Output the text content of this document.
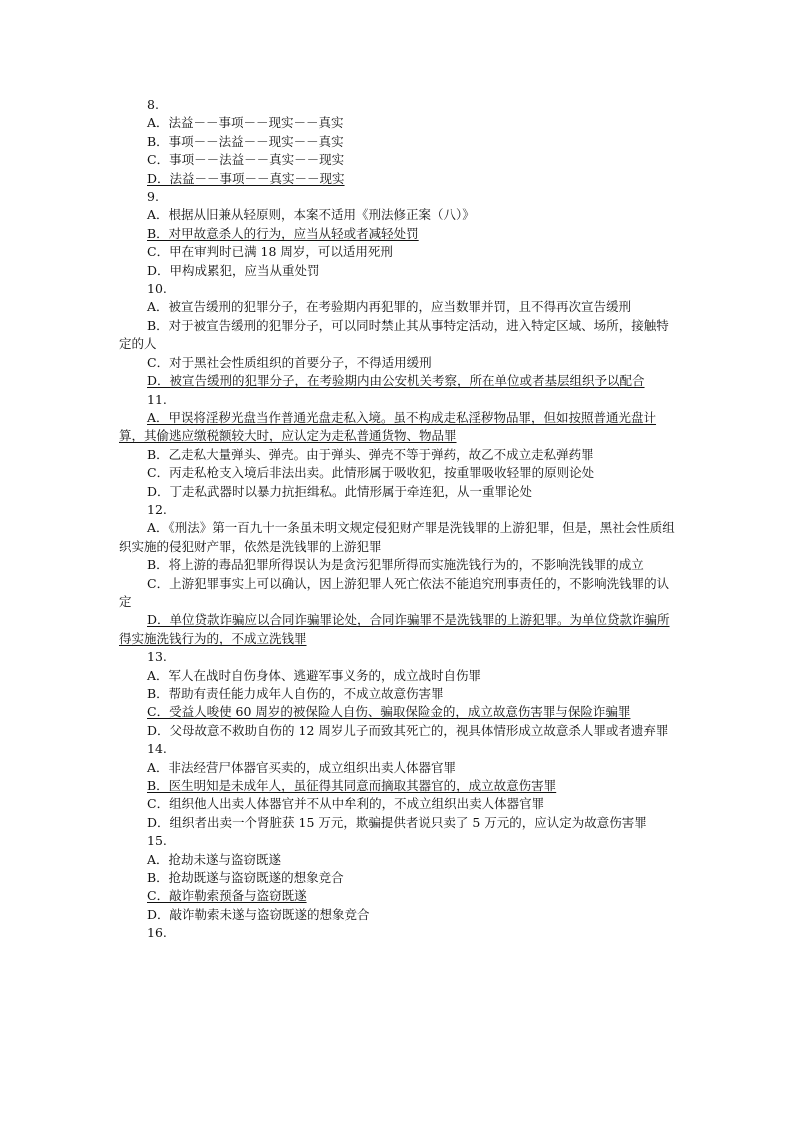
8.
A．法益－－事项－－现实－－真实
B．事项－－法益－－现实－－真实
C．事项－－法益－－真实－－现实
D．法益－－事项－－真实－－现实
9.
A．根据从旧兼从轻原则，本案不适用《刑法修正案（八）》
B．对甲故意杀人的行为，应当从轻或者减轻处罚
C．甲在审判时已满 18 周岁，可以适用死刑
D．甲构成累犯，应当从重处罚
10.
A．被宣告缓刑的犯罪分子，在考验期内再犯罪的，应当数罪并罚，且不得再次宣告缓刑
B．对于被宣告缓刑的犯罪分子，可以同时禁止其从事特定活动，进入特定区域、场所，接触特定的人
C．对于黑社会性质组织的首要分子，不得适用缓刑
D．被宣告缓刑的犯罪分子，在考验期内由公安机关考察，所在单位或者基层组织予以配合
11.
A．甲误将淫秽光盘当作普通光盘走私入境。虽不构成走私淫秽物品罪，但如按照普通光盘计算，其偷逃应缴税额较大时，应认定为走私普通货物、物品罪
B．乙走私大量弹头、弹壳。由于弹头、弹壳不等于弹药，故乙不成立走私弹药罪
C．丙走私枪支入境后非法出卖。此情形属于吸收犯，按重罪吸收轻罪的原则论处
D．丁走私武器时以暴力抗拒缉私。此情形属于牵连犯，从一重罪论处
12.
A．《刑法》第一百九十一条虽未明文规定侵犯财产罪是洗钱罪的上游犯罪，但是，黑社会性质组织实施的侵犯财产罪，依然是洗钱罪的上游犯罪
B．将上游的毒品犯罪所得误认为是贪污犯罪所得而实施洗钱行为的，不影响洗钱罪的成立
C．上游犯罪事实上可以确认，因上游犯罪人死亡依法不能追究刑事责任的，不影响洗钱罪的认定
D．单位贷款诈骗应以合同诈骗罪论处，合同诈骗罪不是洗钱罪的上游犯罪。为单位贷款诈骗所得实施洗钱行为的，不成立洗钱罪
13.
A．军人在战时自伤身体、逃避军事义务的，成立战时自伤罪
B．帮助有责任能力成年人自伤的，不成立故意伤害罪
C．受益人唆使 60 周岁的被保险人自伤、骗取保险金的，成立故意伤害罪与保险诈骗罪
D．父母故意不救助自伤的 12 周岁儿子而致其死亡的，视具体情形成立故意杀人罪或者遗弃罪
14.
A．非法经营尸体器官买卖的，成立组织出卖人体器官罪
B．医生明知是未成年人，虽征得其同意而摘取其器官的，成立故意伤害罪
C．组织他人出卖人体器官并不从中牟利的，不成立组织出卖人体器官罪
D．组织者出卖一个肾脏获 15 万元，欺骗提供者说只卖了 5 万元的，应认定为故意伤害罪
15.
A．抢劫未遂与盗窃既遂
B．抢劫既遂与盗窃既遂的想象竞合
C．敲诈勒索预备与盗窃既遂
D．敲诈勒索未遂与盗窃既遂的想象竞合
16.
